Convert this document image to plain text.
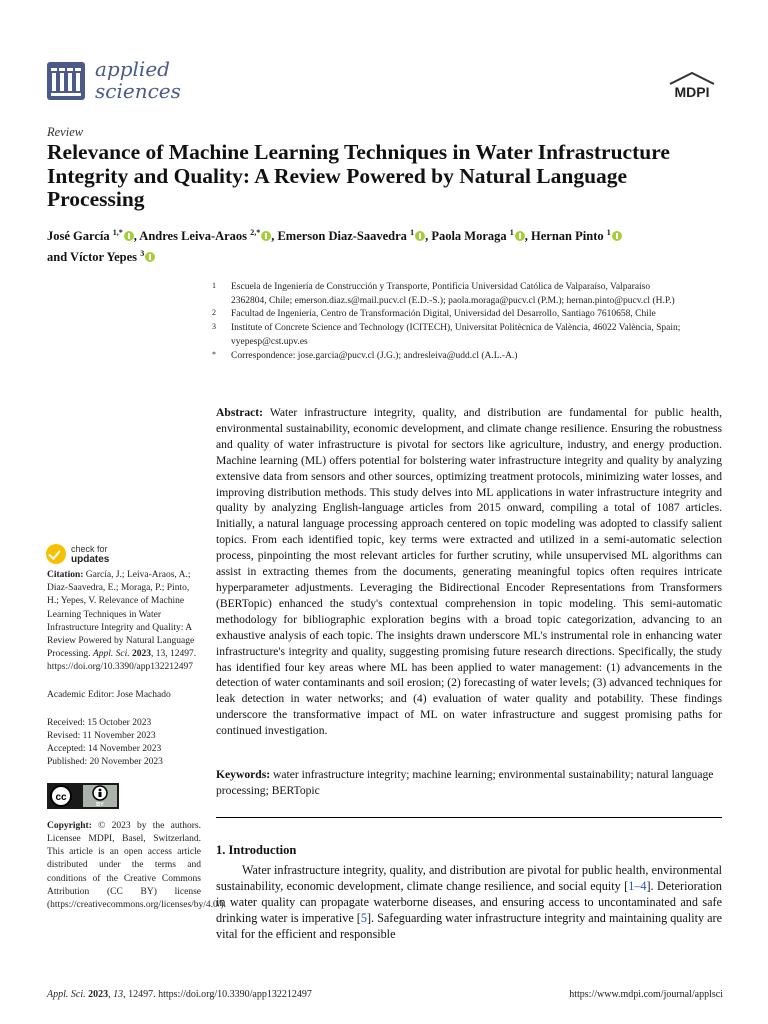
applied
sciences	MDPI
Review
Relevance of Machine Learning Techniques in Water Infrastructure Integrity and Quality: A Review Powered by Natural Language Processing
José García $^{1,*}$ , Andres Leiva-Araos $^{2,*}$ , Emerson Diaz-Saavedra $^1$ , Paola Moraga $^1$ , Hernan Pinto $^1$
and Víctor Yepes $^3$
1 Escuela de Ingeniería de Construcción y Transporte, Pontificia Universidad Católica de Valparaíso, Valparaíso 2362804, Chile; emerson.diaz.s@mail.pucv.cl (E.D.-S.); paola.moraga@pucv.cl (P.M.); hernan.pinto@pucv.cl (H.P.)
2 Facultad de Ingeniería, Centro de Transformación Digital, Universidad del Desarrollo, Santiago 7610658, Chile
3 Institute of Concrete Science and Technology (ICITECH), Universitat Politècnica de València, 46022 València, Spain; vyepesp@cst.upv.es
* Correspondence: jose.garcia@pucv.cl (J.G.); andresleiva@udd.cl (A.L.-A.)

Abstract: Water infrastructure integrity, quality, and distribution are fundamental for public health, environmental sustainability, economic development, and climate change resilience. Ensuring the robustness and quality of water infrastructure is pivotal for sectors like agriculture, industry, and energy production. Machine learning (ML) offers potential for bolstering water infrastructure integrity and quality by analyzing extensive data from sensors and other sources, optimizing treatment protocols, minimizing water losses, and improving distribution methods. This study delves into ML applications in water infrastructure integrity and quality by analyzing English-language articles from 2015 onward, compiling a total of 1087 articles. Initially, a natural language processing approach centered on topic modeling was adopted to classify salient topics. From each identified topic, key terms were extracted and utilized in a semi-automatic selection process, pinpointing the most relevant articles for further scrutiny, while unsupervised ML algorithms can assist in extracting themes from the documents, generating meaningful topics often requires intricate hyperparameter adjustments. Leveraging the Bidirectional Encoder Representations from Transformers (BERTopic) enhanced the study's contextual comprehension in topic modeling. This semi-automatic methodology for bibliographic exploration begins with a broad topic categorization, advancing to an exhaustive analysis of each topic. The insights drawn underscore ML's instrumental role in enhancing water infrastructure's integrity and quality, suggesting promising future research directions. Specifically, the study has identified four key areas where ML has been applied to water management: (1) advancements in the detection of water contaminants and soil erosion; (2) forecasting of water levels; (3) advanced techniques for leak detection in water networks; and (4) evaluation of water quality and potability. These findings underscore the transformative impact of ML on water infrastructure and suggest promising paths for continued investigation.

Keywords: water infrastructure integrity; machine learning; environmental sustainability; natural language processing; BERTopic

1. Introduction

Water infrastructure integrity, quality, and distribution are pivotal for public health, environmental sustainability, economic development, climate change resilience, and social equity [1–4]. Deterioration in water quality can propagate waterborne diseases, and ensuring access to uncontaminated and safe drinking water is imperative [5]. Safeguarding water infrastructure integrity and maintaining quality are vital for the efficient and responsible

check for
updates

Citation: García, J.; Leiva-Araos, A.; Diaz-Saavedra, E.; Moraga, P.; Pinto, H.; Yepes, V. Relevance of Machine Learning Techniques in Water Infrastructure Integrity and Quality: A Review Powered by Natural Language Processing. Appl. Sci. 2023, 13, 12497. https://doi.org/10.3390/app132212497

Academic Editor: Jose Machado

Received: 15 October 2023

Revised: 11 November 2023

Accepted: 14 November 2023

Published: 20 November 2023

cc
BY

Copyright: © 2023 by the authors. Licensee MDPI, Basel, Switzerland. This article is an open access article distributed under the terms and conditions of the Creative Commons Attribution (CC BY) license (https://creativecommons.org/licenses/by/4.0/).

Appl. Sci. 2023, 13, 12497. https://doi.org/10.3390/app132212497	https://www.mdpi.com/journal/applsci
